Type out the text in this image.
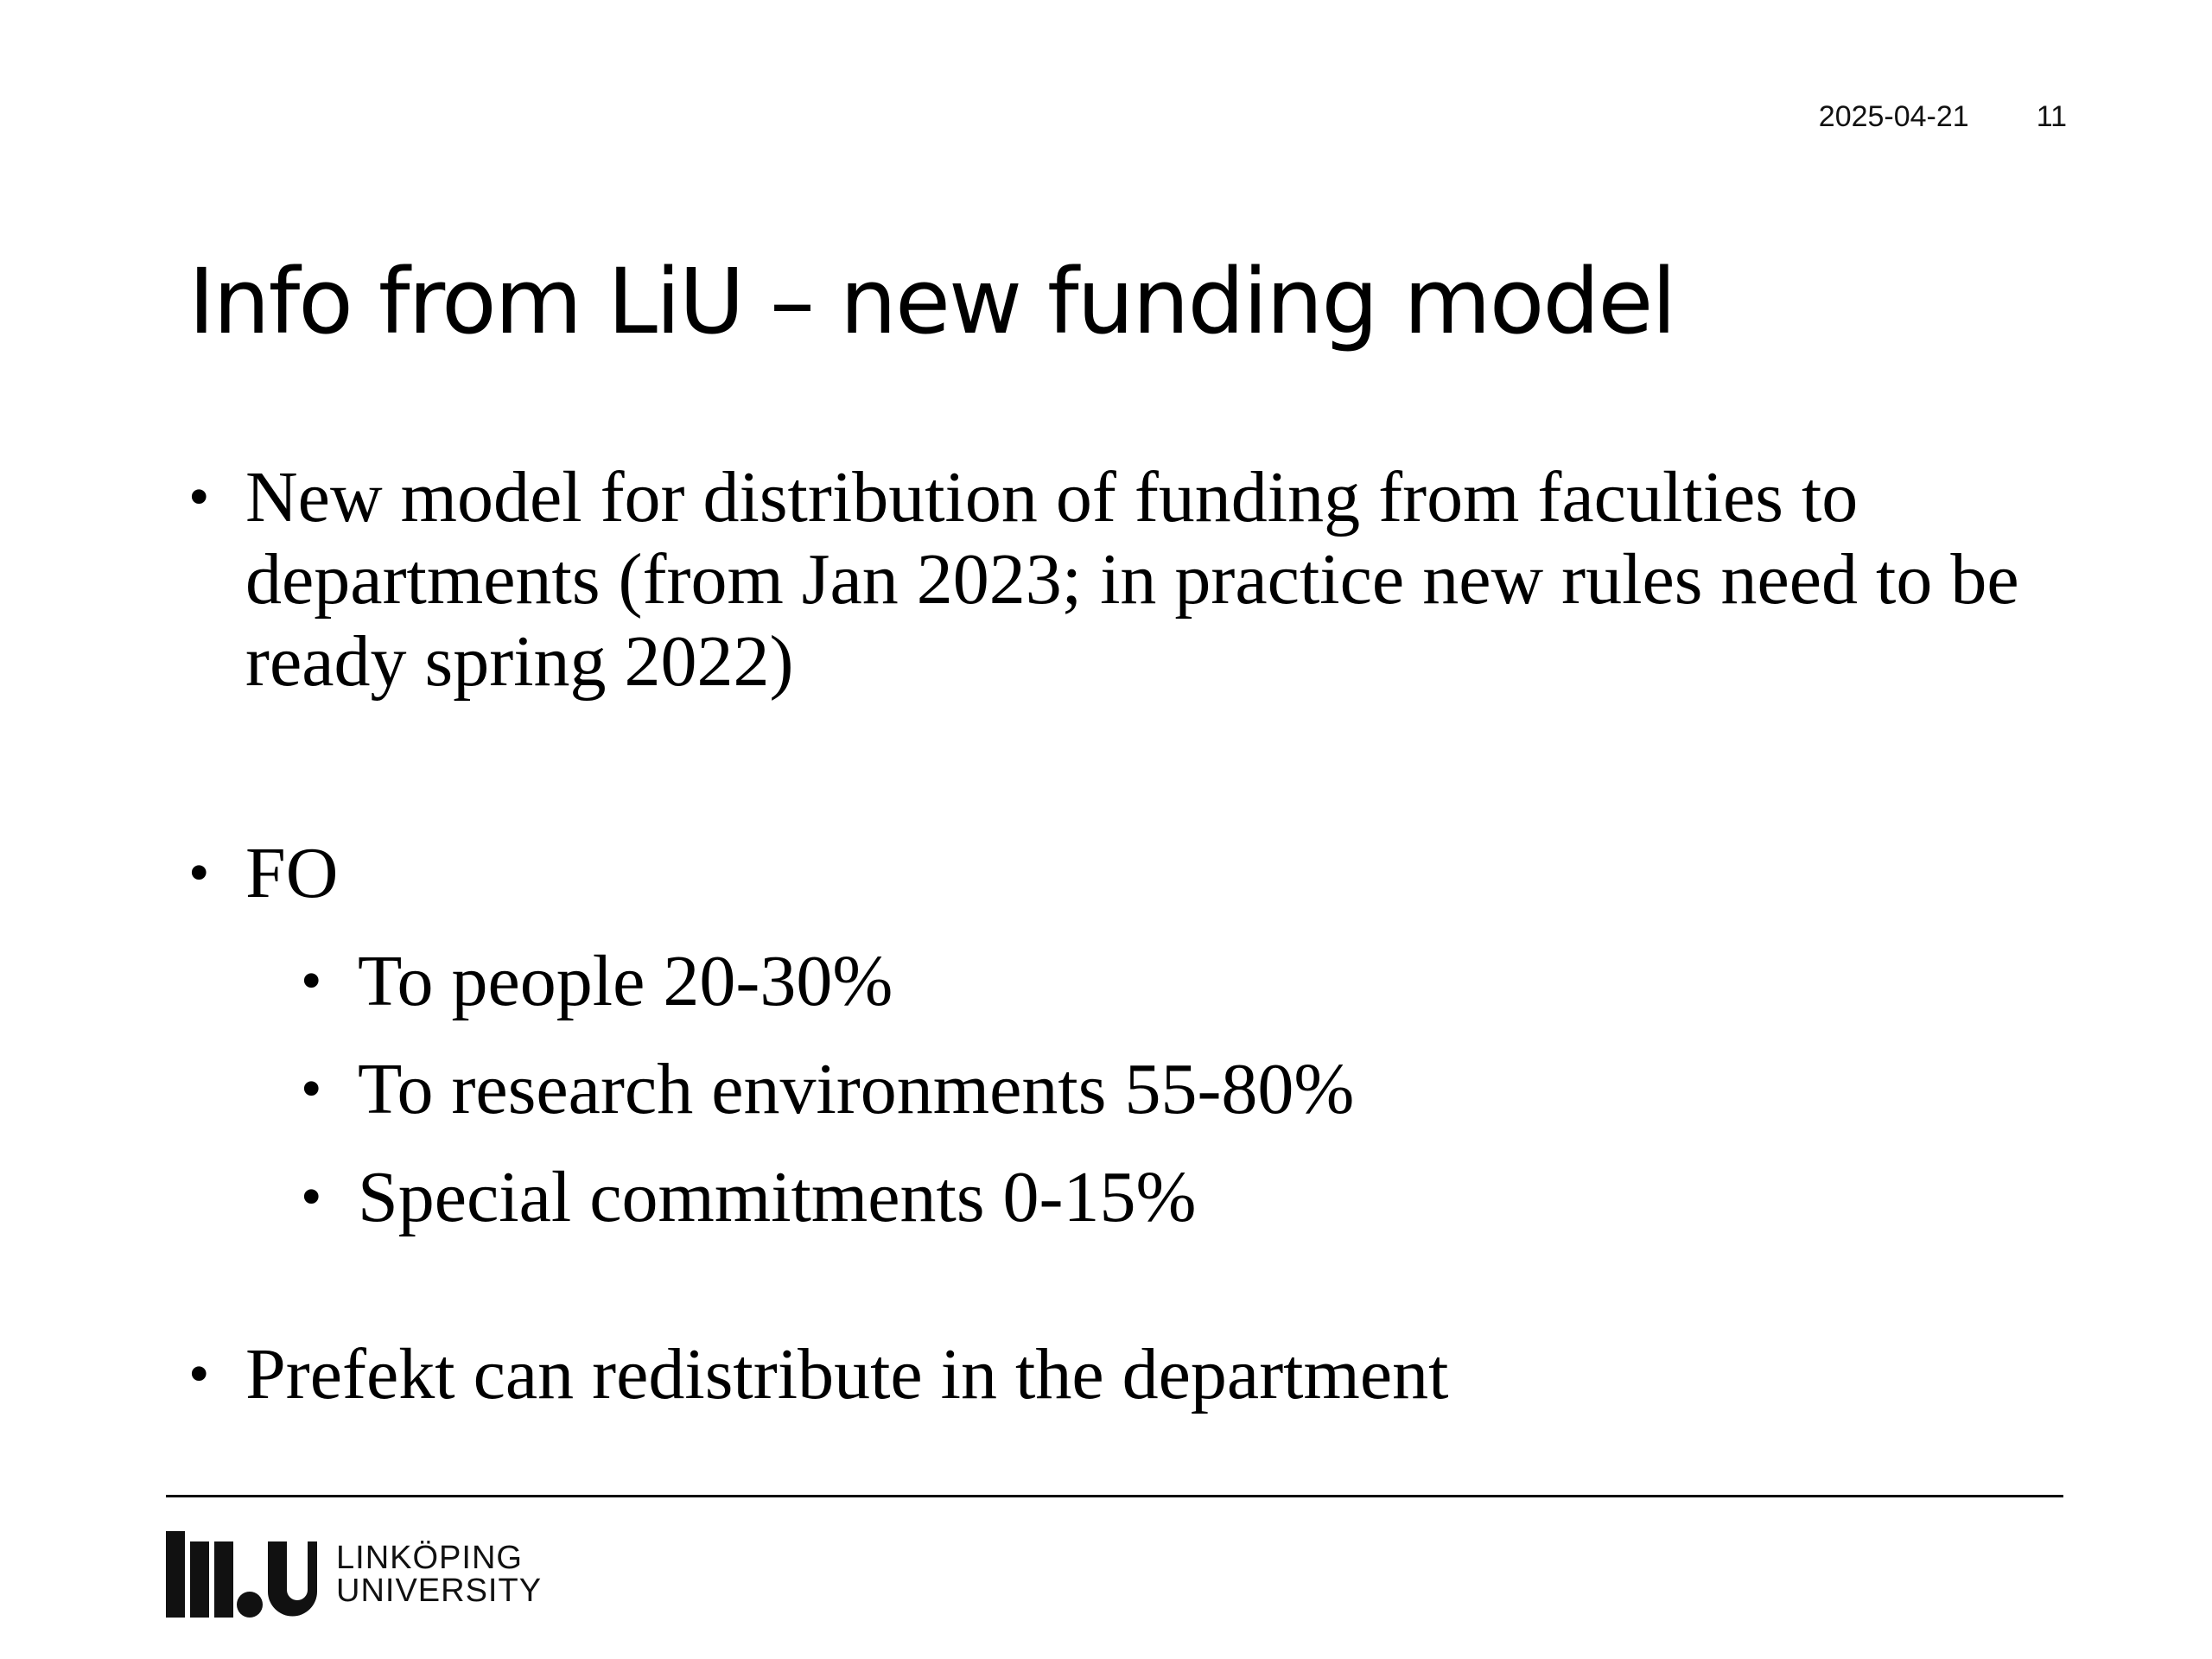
2025-04-21 11
Info from LiU – new funding model
• New model for distribution of funding from faculties to departments (from Jan 2023; in practice new rules need to be ready spring 2022)
• FO
• To people 20-30%
• To research environments 55-80%
• Special commitments 0-15%
• Prefekt can redistribute in the department
LINKÖPING
UNIVERSITY
